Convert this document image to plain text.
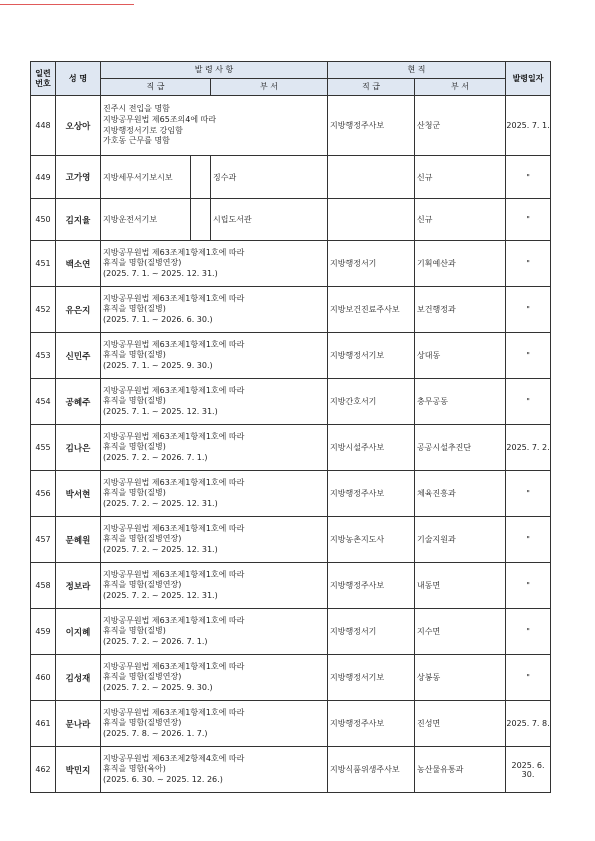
일련
번호	성 명	발 령 사 항			현 직		발령일자
		직 급		부 서	직 급	부 서	
448	오상아	진주시 전입을 명함
지방공무원법 제65조의4에 따라
지방행정서기로 강임함
가호동 근무를 명함			지방행정주사보	산청군	2025. 7. 1.
449	고가영	지방세무서기보시보		징수과		신규	"
450	김지율	지방운전서기보		시립도서관		신규	"
451	백소연	지방공무원법 제63조제1항제1호에 따라
휴직을 명함(질병연장)
(2025. 7. 1. ~ 2025. 12. 31.)			지방행정서기	기획예산과	"
452	유은지	지방공무원법 제63조제1항제1호에 따라
휴직을 명함(질병)
(2025. 7. 1. ~ 2026. 6. 30.)			지방보건진료주사보	보건행정과	"
453	신민주	지방공무원법 제63조제1항제1호에 따라
휴직을 명함(질병)
(2025. 7. 1. ~ 2025. 9. 30.)			지방행정서기보	상대동	"
454	공혜주	지방공무원법 제63조제1항제1호에 따라
휴직을 명함(질병)
(2025. 7. 1. ~ 2025. 12. 31.)			지방간호서기	충무공동	"
455	김나은	지방공무원법 제63조제1항제1호에 따라
휴직을 명함(질병)
(2025. 7. 2. ~ 2026. 7. 1.)			지방시설주사보	공공시설추진단	2025. 7. 2.
456	박서현	지방공무원법 제63조제1항제1호에 따라
휴직을 명함(질병)
(2025. 7. 2. ~ 2025. 12. 31.)			지방행정주사보	체육진흥과	"
457	문혜원	지방공무원법 제63조제1항제1호에 따라
휴직을 명함(질병연장)
(2025. 7. 2. ~ 2025. 12. 31.)			지방농촌지도사	기술지원과	"
458	정보라	지방공무원법 제63조제1항제1호에 따라
휴직을 명함(질병연장)
(2025. 7. 2. ~ 2025. 12. 31.)			지방행정주사보	내동면	"
459	이지혜	지방공무원법 제63조제1항제1호에 따라
휴직을 명함(질병)
(2025. 7. 2. ~ 2026. 7. 1.)			지방행정서기	지수면	"
460	김성재	지방공무원법 제63조제1항제1호에 따라
휴직을 명함(질병연장)
(2025. 7. 2. ~ 2025. 9. 30.)			지방행정서기보	상봉동	"
461	문나라	지방공무원법 제63조제1항제1호에 따라
휴직을 명함(질병연장)
(2025. 7. 8. ~ 2026. 1. 7.)			지방행정주사보	진성면	2025. 7. 8.
462	박민지	지방공무원법 제63조제2항제4호에 따라
휴직을 명함(육아)
(2025. 6. 30. ~ 2025. 12. 26.)			지방식품위생주사보	농산물유통과	2025. 6. 30.
